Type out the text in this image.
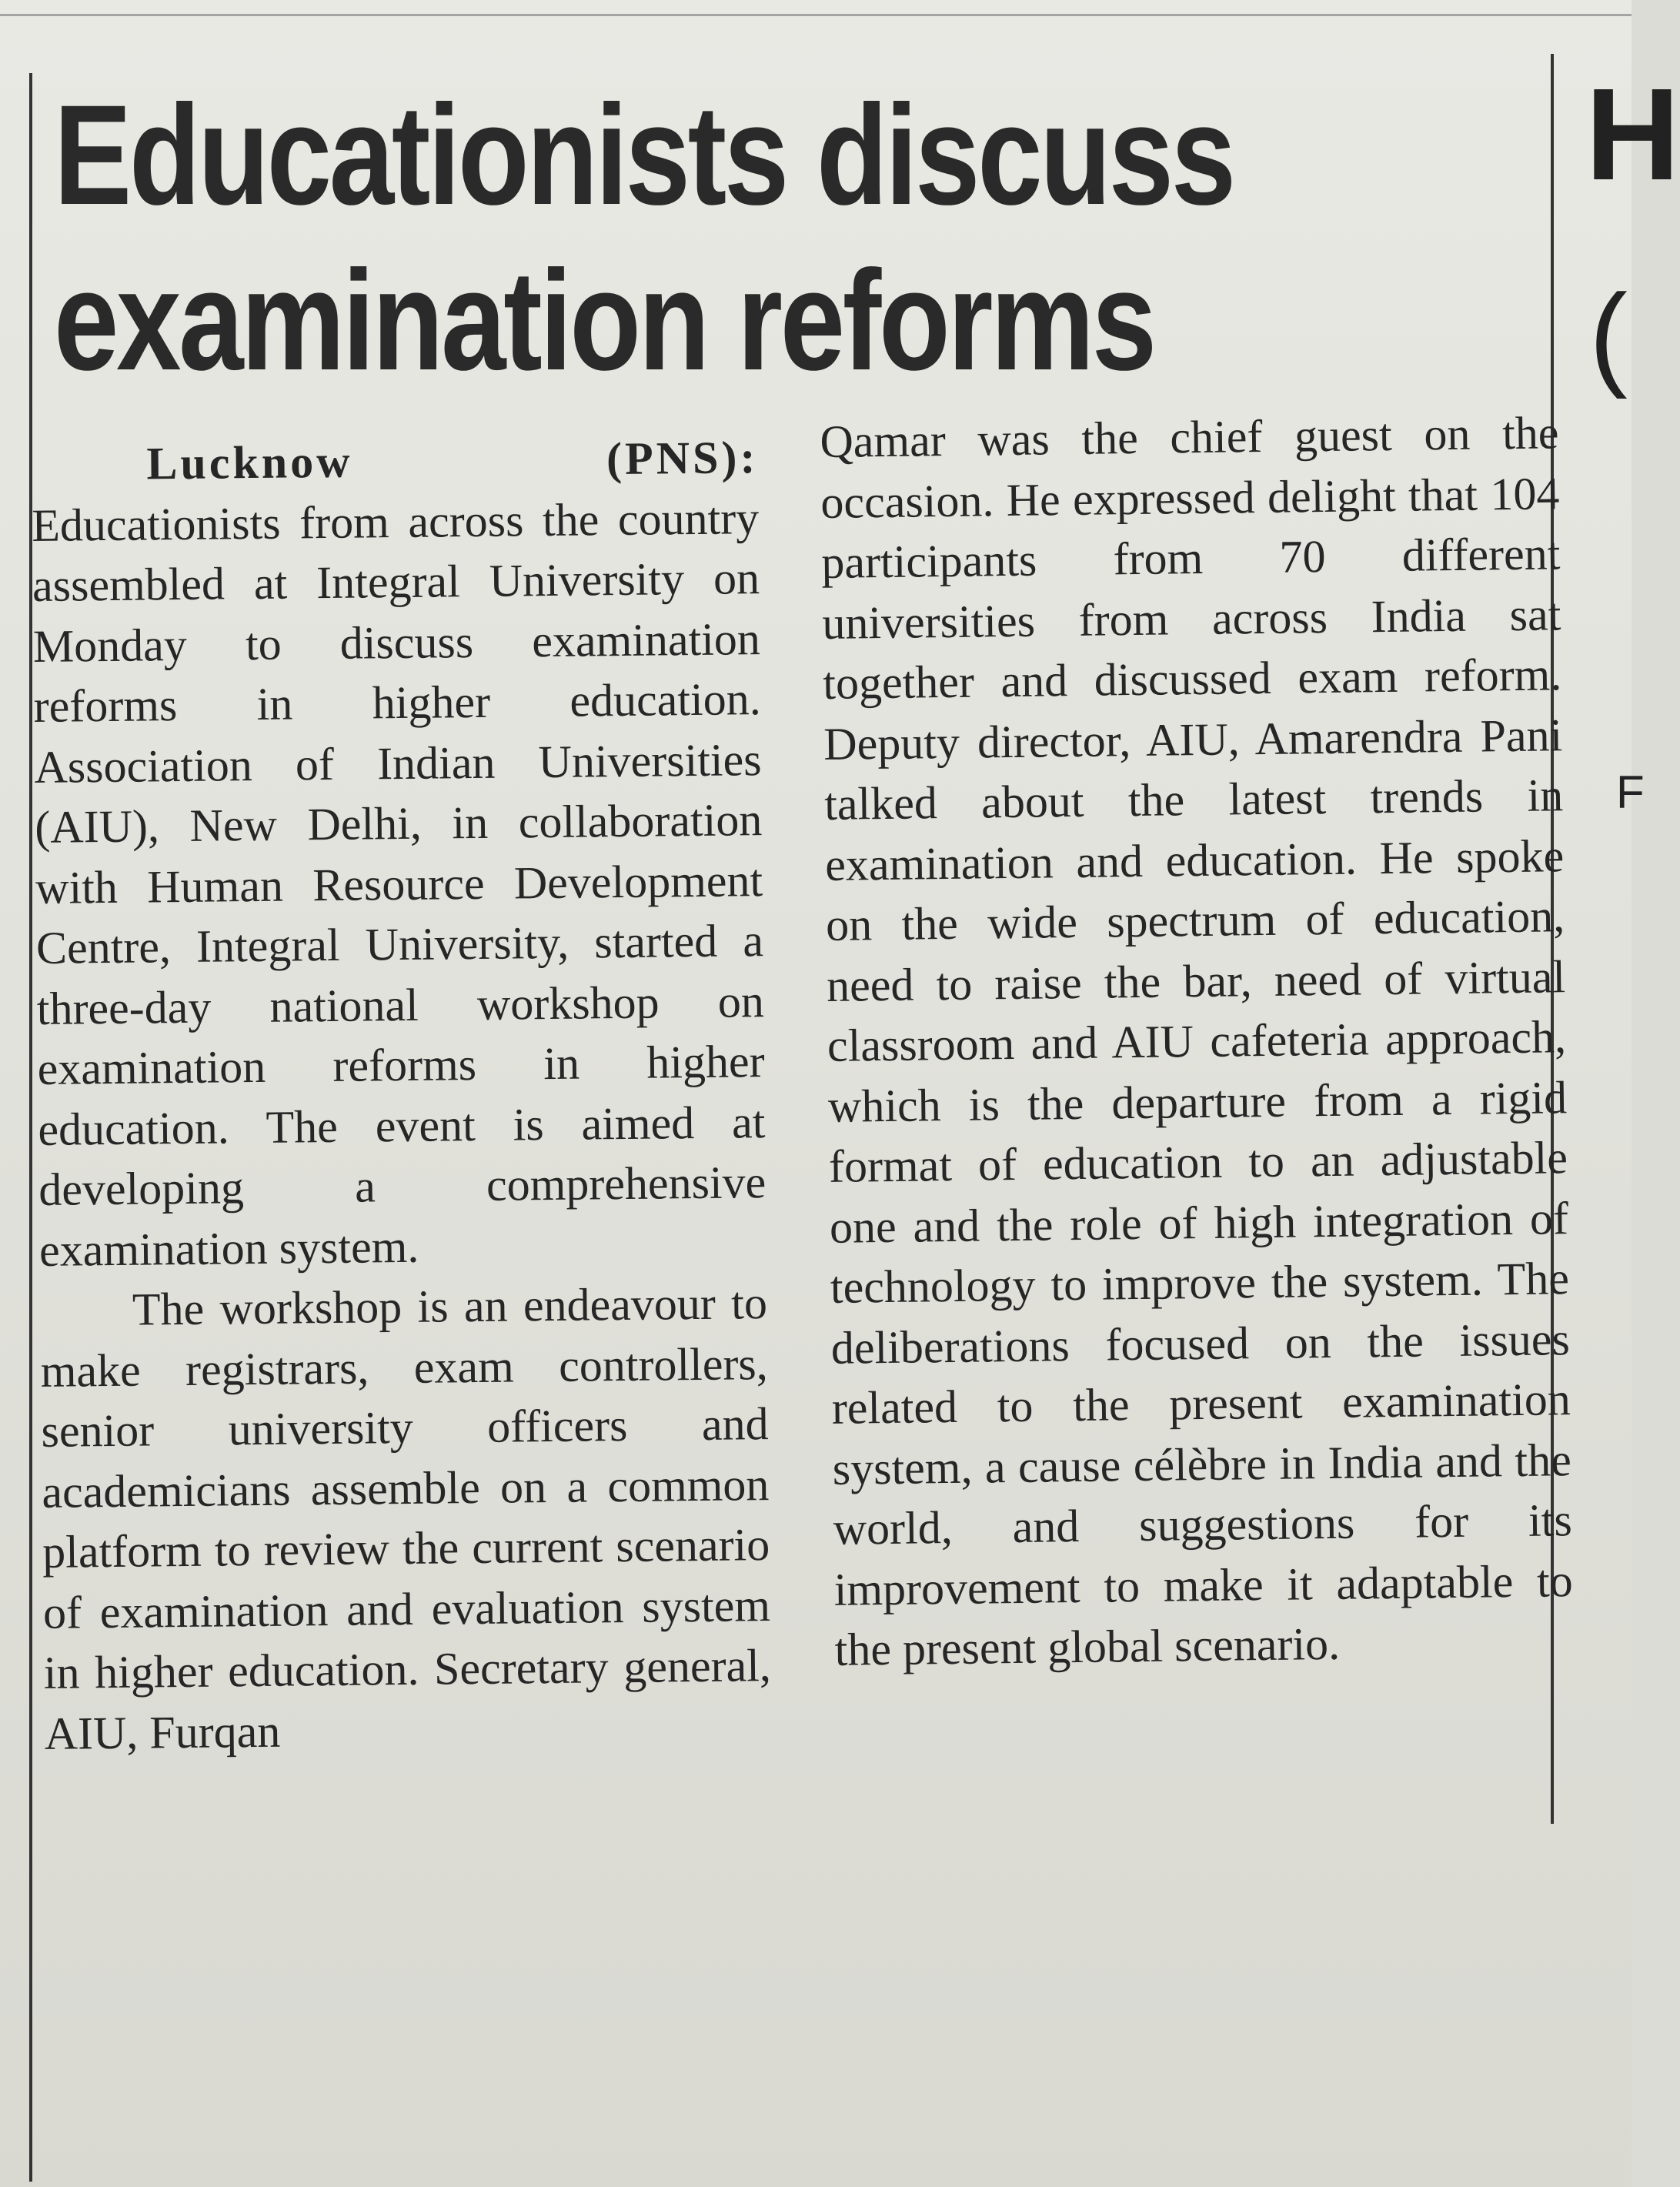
H
(
F
Educationists discuss
examination reforms
Lucknow (PNS):

Educationists from across the country assembled at Integral University on Monday to discuss examination reforms in higher education. Association of Indian Universities (AIU), New Delhi, in collaboration with Human Resource Development Centre, Integral University, started a three-day national workshop on examination reforms in higher education. The event is aimed at developing a comprehensive examination system.

The workshop is an endeavour to make registrars, exam controllers, senior university officers and academicians assemble on a common platform to review the current scenario of examination and evaluation system in higher education. Secretary general, AIU, Furqan

Qamar was the chief guest on the occasion. He expressed delight that 104 participants from 70 different universities from across India sat together and discussed exam reform. Deputy director, AIU, Amarendra Pani talked about the latest trends in examination and education. He spoke on the wide spectrum of education, need to raise the bar, need of virtual classroom and AIU cafeteria approach, which is the departure from a rigid format of education to an adjustable one and the role of high integration of technology to improve the system. The deliberations focused on the issues related to the present examination system, a cause célèbre in India and the world, and suggestions for its improvement to make it adaptable to the present global scenario.
